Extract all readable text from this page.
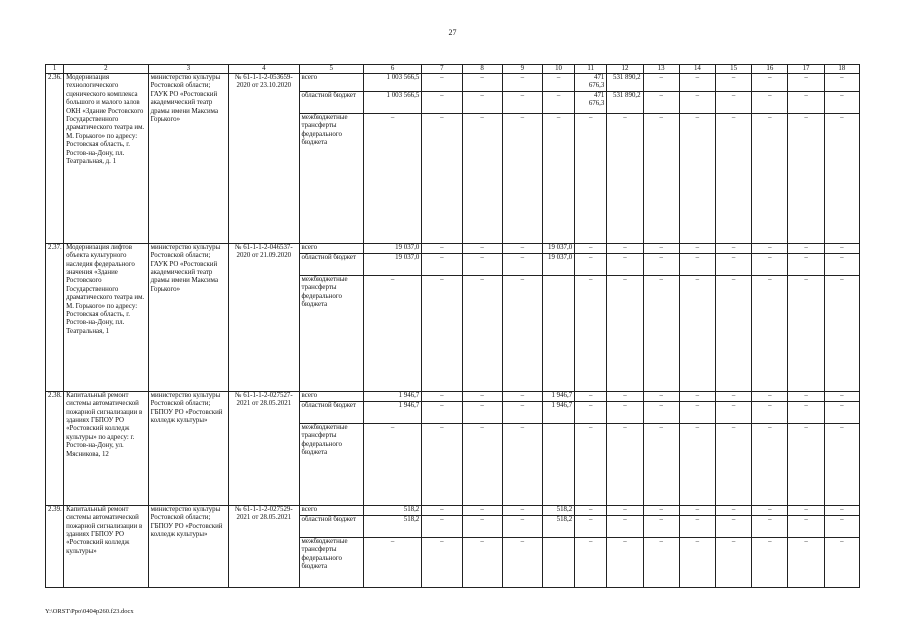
27
1	2	3	4	5	6	7	8	9	10	11	12	13	14	15	16	17	18
2.36.	Модернизация технологического сценического комплекса большого и малого залов ОКН «Здание Ростовского Государственного драматического театра им. М. Горького» по адресу: Ростовская область, г. Ростов-на-Дону, пл. Театральная, д. 1	министерство культуры Ростовской области; ГАУК РО «Ростовский академический театр драмы имени Максима Горького»	№ 61-1-1-2-053659-2020 от 23.10.2020	всего	1 003 566,5	–	–	–	–	471 676,3	531 890,2	–	–	–	–	–	–
				областной бюджет	1 003 566,5	–	–	–	–	471 676,3	531 890,2	–	–	–	–	–	–
				межбюджетные трансферты федерального бюджета	–	–	–	–	–	–	–	–	–	–	–	–	–
2.37.	Модернизация лифтов объекта культурного наследия федерального значения «Здание Ростовского Государственного драматического театра им. М. Горького» по адресу: Ростовская область, г. Ростов-на-Дону, пл. Театральная, 1	министерство культуры Ростовской области; ГАУК РО «Ростовский академический театр драмы имени Максима Горького»	№ 61-1-1-2-046537-2020 от 21.09.2020	всего	19 037,0	–	–	–	19 037,0	–	–	–	–	–	–	–	–
				областной бюджет	19 037,0	–	–	–	19 037,0	–	–	–	–	–	–	–	–
				межбюджетные трансферты федерального бюджета	–	–	–	–		–	–	–	–	–	–	–	–
2.38.	Капитальный ремонт системы автоматической пожарной сигнализации в зданиях ГБПОУ РО «Ростовский колледж культуры» по адресу: г. Ростов-на-Дону, ул. Мясникова, 12	министерство культуры Ростовской области; ГБПОУ РО «Ростовский колледж культуры»	№ 61-1-1-2-027527-2021 от 28.05.2021	всего	1 946,7	–	–	–	1 946,7	–	–	–	–	–	–	–	–
				областной бюджет	1 946,7	–	–	–	1 946,7	–	–	–	–	–	–	–	–
				межбюджетные трансферты федерального бюджета	–	–	–	–		–	–	–	–	–	–	–	–
2.39.	Капитальный ремонт системы автоматической пожарной сигнализации в зданиях ГБПОУ РО «Ростовский колледж культуры»	министерство культуры Ростовской области; ГБПОУ РО «Ростовский колледж культуры»	№ 61-1-1-2-027529-2021 от 28.05.2021	всего	518,2	–	–	–	518,2	–	–	–	–	–	–	–	–
				областной бюджет	518,2	–	–	–	518,2	–	–	–	–	–	–	–	–
				межбюджетные трансферты федерального бюджета	–	–	–	–		–	–	–	–	–	–	–	–
Y:\ORST\Ppo\0404p260.f23.docx
